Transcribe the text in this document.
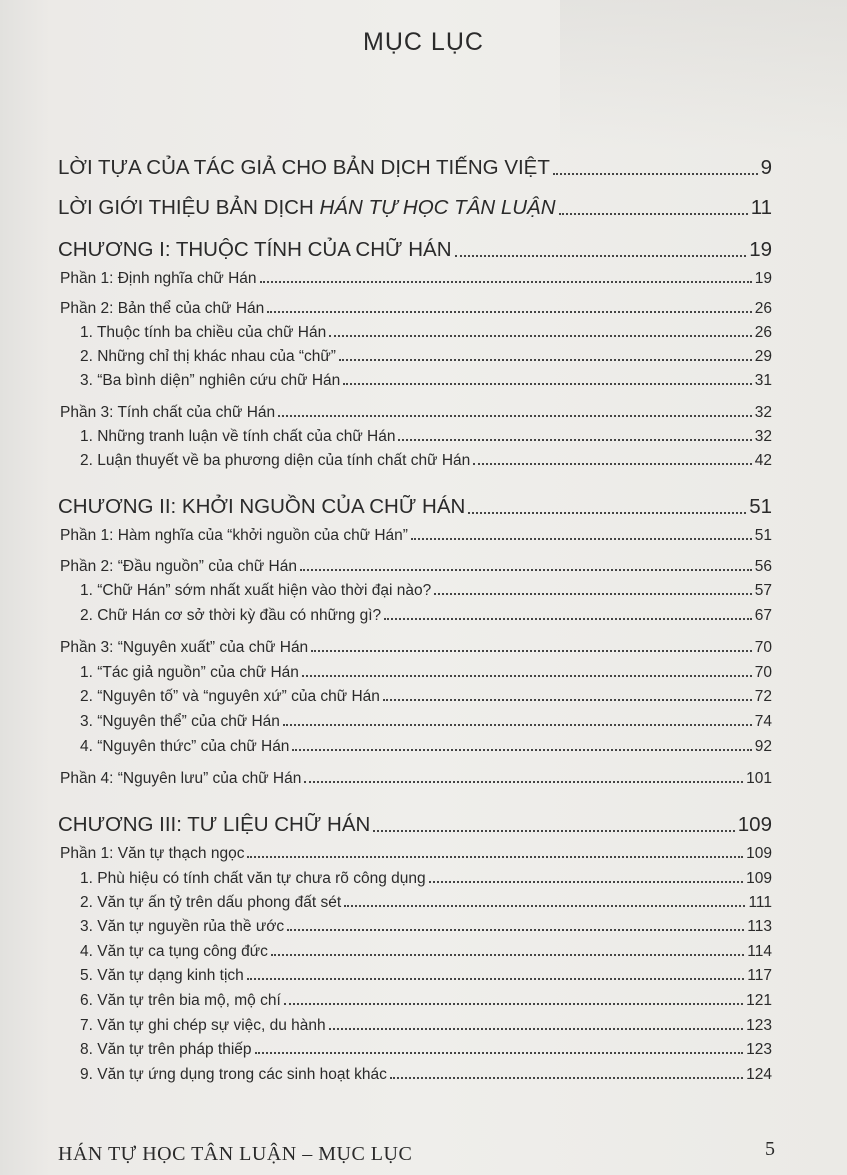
MỤC LỤC
LỜI TỰA CỦA TÁC GIẢ CHO BẢN DỊCH TIẾNG VIỆT	9
LỜI GIỚI THIỆU BẢN DỊCH HÁN TỰ HỌC TÂN LUẬN	11
CHƯƠNG I: THUỘC TÍNH CỦA CHỮ HÁN	19
Phần 1: Định nghĩa chữ Hán	19
Phần 2: Bản thể của chữ Hán	26
1. Thuộc tính ba chiều của chữ Hán	26
2. Những chỉ thị khác nhau của “chữ”	29
3. “Ba bình diện” nghiên cứu chữ Hán	31
Phần 3: Tính chất của chữ Hán	32
1. Những tranh luận về tính chất của chữ Hán	32
2. Luận thuyết về ba phương diện của tính chất chữ Hán	42
CHƯƠNG II: KHỞI NGUỒN CỦA CHỮ HÁN	51
Phần 1: Hàm nghĩa của “khởi nguồn của chữ Hán”	51
Phần 2: “Đầu nguồn” của chữ Hán	56
1. “Chữ Hán” sớm nhất xuất hiện vào thời đại nào?	57
2. Chữ Hán cơ sở thời kỳ đầu có những gì?	67
Phần 3: “Nguyên xuất” của chữ Hán	70
1. “Tác giả nguồn” của chữ Hán	70
2. “Nguyên tố” và “nguyên xứ” của chữ Hán	72
3. “Nguyên thể” của chữ Hán	74
4. “Nguyên thức” của chữ Hán	92
Phần 4: “Nguyên lưu” của chữ Hán	101
CHƯƠNG III: TƯ LIỆU CHỮ HÁN	109
Phần 1: Văn tự thạch ngọc	109
1. Phù hiệu có tính chất văn tự chưa rõ công dụng	109
2. Văn tự ấn tỷ trên dấu phong đất sét	111
3. Văn tự nguyền rủa thề ước	113
4. Văn tự ca tụng công đức	114
5. Văn tự dạng kinh tịch	117
6. Văn tự trên bia mộ, mộ chí	121
7. Văn tự ghi chép sự việc, du hành	123
8. Văn tự trên pháp thiếp	123
9. Văn tự ứng dụng trong các sinh hoạt khác	124
HÁN TỰ HỌC TÂN LUẬN – MỤC LỤC	5
